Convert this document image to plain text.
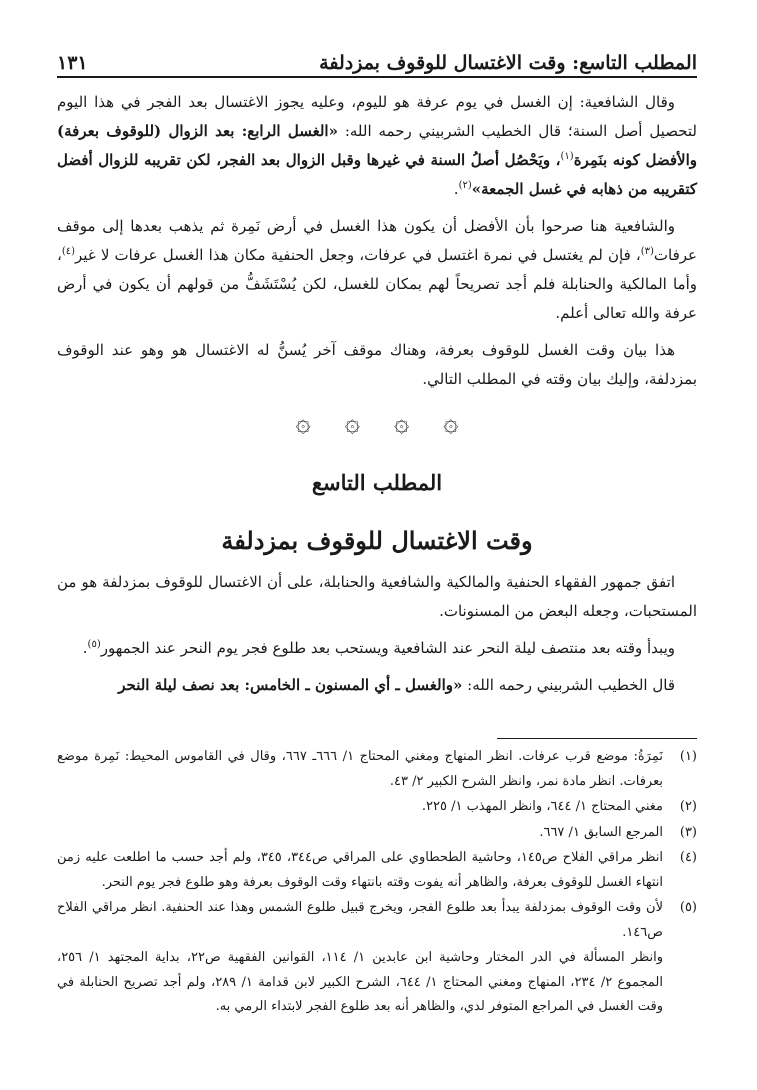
المطلب التاسع: وقت الاغتسال للوقوف بمزدلفة
١٣١

وقال الشافعية: إن الغسل في يوم عرفة هو لليوم، وعليه يجوز الاغتسال بعد الفجر في هذا اليوم لتحصيل أصل السنة؛ قال الخطيب الشربيني رحمه الله: «الغسل الرابع: بعد الزوال (للوقوف بعرفة) والأفضل كونه بنَمِرة$^{(١)}$، ويَحْصُل أصلُ السنة في غيرها وقبل الزوال بعد الفجر، لكن تقريبه للزوال أفضل كتقريبه من ذهابه في غسل الجمعة»$^{(٢)}$.

والشافعية هنا صرحوا بأن الأفضل أن يكون هذا الغسل في أرض نَمِرة ثم يذهب بعدها إلى موقف عرفات$^{(٣)}$، فإن لم يغتسل في نمرة اغتسل في عرفات، وجعل الحنفية مكان هذا الغسل عرفات لا غير$^{(٤)}$، وأما المالكية والحنابلة فلم أجد تصريحاً لهم بمكان للغسل، لكن يُسْتَشَفُّ من قولهم أن يكون في أرض عرفة والله تعالى أعلم.

هذا بيان وقت الغسل للوقوف بعرفة، وهناك موقف آخر يُسنُّ له الاغتسال هو وهو عند الوقوف بمزدلفة، وإليك بيان وقته في المطلب التالي.

۞ ۞ ۞ ۞
المطلب التاسع
وقت الاغتسال للوقوف بمزدلفة

اتفق جمهور الفقهاء الحنفية والمالكية والشافعية والحنابلة، على أن الاغتسال للوقوف بمزدلفة هو من المستحبات، وجعله البعض من المسنونات.

ويبدأ وقته بعد منتصف ليلة النحر عند الشافعية ويستحب بعد طلوع فجر يوم النحر عند الجمهور$^{(٥)}$.

قال الخطيب الشربيني رحمه الله: «والغسل ـ أي المسنون ـ الخامس: بعد نصف ليلة النحر

(١)
نَمِرَةُ: موضع قرب عرفات. انظر المنهاج ومغني المحتاج ١/ ٦٦٦ـ ٦٦٧، وقال في القاموس المحيط: نَمِرة موضع بعرفات. انظر مادة نمر، وانظر الشرح الكبير ٢/ ٤٣.
(٢)
مغني المحتاج ١/ ٦٤٤، وانظر المهذب ١/ ٢٢٥.
(٣)
المرجع السابق ١/ ٦٦٧.
(٤)
انظر مراقي الفلاح ص١٤٥، وحاشية الطحطاوي على المراقي ص٣٤٤، ٣٤٥، ولم أجد حسب ما اطلعت عليه زمن انتهاء الغسل للوقوف بعرفة، والظاهر أنه يفوت وقته بانتهاء وقت الوقوف بعرفة وهو طلوع فجر يوم النحر.
(٥)
لأن وقت الوقوف بمزدلفة يبدأ بعد طلوع الفجر، ويخرج قبيل طلوع الشمس وهذا عند الحنفية. انظر مراقي الفلاح ص١٤٦.
وانظر المسألة في الدر المختار وحاشية ابن عابدين ١/ ١١٤، القوانين الفقهية ص٢٢، بداية المجتهد ١/ ٢٥٦، المجموع ٢/ ٢٣٤، المنهاج ومغني المحتاج ١/ ٦٤٤، الشرح الكبير لابن قدامة ١/ ٢٨٩، ولم أجد تصريح الحنابلة في وقت الغسل في المراجع المتوفر لدي، والظاهر أنه بعد طلوع الفجر لابتداء الرمي به.
